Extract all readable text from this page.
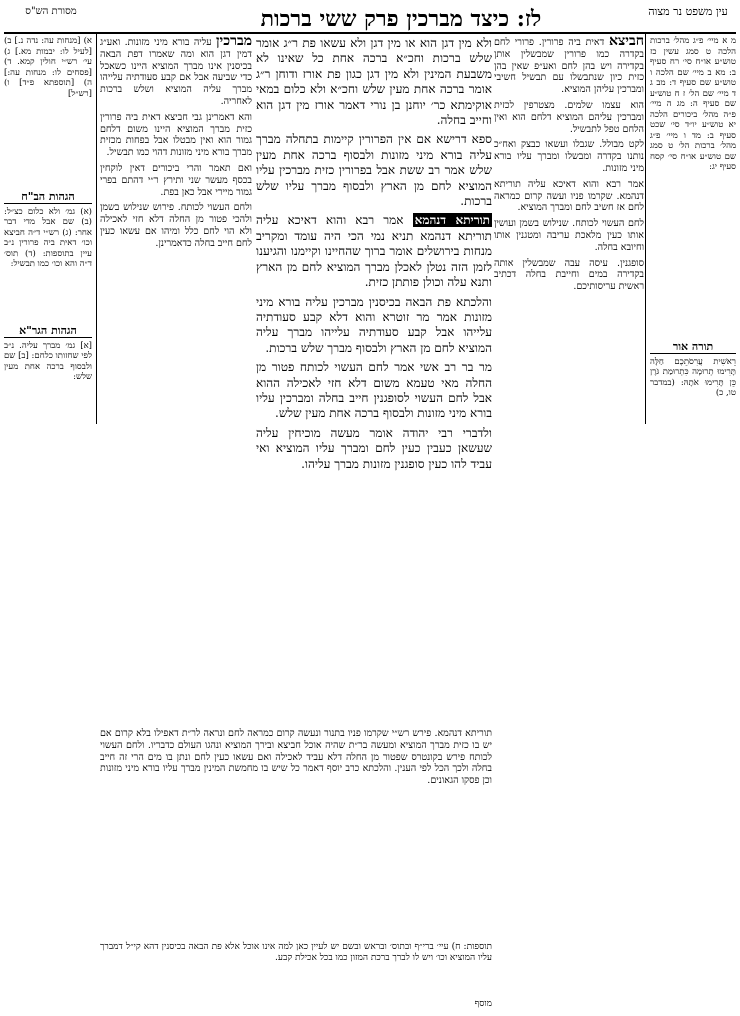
עין משפט נר מצוה
לז: כיצד מברכין פרק ששי ברכות
מסורת הש"ס

מ א מיי׳ פ״ג מהל׳ ברכות הלכה ט סמג עשין כז טוש״ע או״ח סי׳ רח סעיף ב: מא ב מיי׳ שם הלכה ו טוש״ע שם סעיף ד: מב ג ד מיי׳ שם הל׳ ז ח טוש״ע שם סעיף ה: מג ה מיי׳ פ״ה מהל׳ ביכורים הלכה יא טוש״ע יו״ד סי׳ שכט סעיף ב: מד ו מיי׳ פ״ג מהל׳ ברכות הל׳ ט סמג שם טוש״ע או״ח סי׳ קסח סעיף יג:

תורה אור

רֵאשִׁית עֲרִסֹתֵכֶם חַלָּה תָּרִימוּ תְרוּמָה כִּתְרוּמַת גֹּרֶן כֵּן תָּרִימוּ אֹתָהּ: (במדבר טו, כ)

חביצא דאית ביה פרורין. פרורי לחם בקדרה כמו פרורין שמבשלין אותן בקדירה ויש בהן לחם ואע״פ שאין בהן כזית כיון שנתבשלו עם תבשיל חשיבי ומברכין עליהן המוציא.

הוא עצמו שלמים. מצטרפין לכזית ומברכין עליהם המוציא דלחם הוא ואין הלחם טפל לתבשיל.

לקט מבולל. שגבלו ועשאו כבצק ואח״כ נותנו בקדרה ומבשלו ומברך עליו בורא מיני מזונות.

אמר רבא והוא דאיכא עליה תוריתא דנהמא. שקרמו פניו ועשה קרום כמראה לחם אז חשיב לחם ומברך המוציא.

לחם העשוי לכותח. שנילוש בשמן ועושין אותו כעין מלאכת עריבה ומטגנין אותו וחיובא בחלה.

סופגנין. עיסה עבה שמבשלין אותה בקדירה במים וחייבת בחלה דכתיב ראשית עריסותיכם.

ולא מין דגן הוא או מין דגן ולא עשאו פת ר״ג אומר שלש ברכות וחכ״א ברכה אחת כל שאינו לא משבעת המינין ולא מין דגן כגון פת אורז ודוחן ר״ג אומר ברכה אחת מעין שלש וחכ״א ולא כלום במאי אוקימתא כר׳ יוחנן בן נורי דאמר אורז מין דגן הוא וחייב בחלה.

ספא דרישא אם אין הפרורין קיימות בתחלה מברך עליה בורא מיני מזונות ולבסוף ברכה אחת מעין שלש אמר רב ששת אבל בפרורין כזית מברכין עליו המוציא לחם מן הארץ ולבסוף מברך עליו שלש ברכות.

תוריתא דנהמא אמר רבא והוא דאיכא עליה תוריתא דנהמא תניא נמי הכי היה עומד ומקריב מנחות בירושלים אומר ברוך שהחיינו וקיימנו והגיענו לזמן הזה נטלן לאכלן מברך המוציא לחם מן הארץ ותנא עלה וכולן פותתן כזית.

והלכתא פת הבאה בכיסנין מברכין עליה בורא מיני מזונות אמר מר זוטרא והוא דלא קבע סעודתיה עלייהו אבל קבע סעודתיה עלייהו מברך עליה המוציא לחם מן הארץ ולבסוף מברך שלש ברכות.

מר בר רב אשי אמר לחם העשוי לכותח פטור מן החלה מאי טעמא משום דלא חזי לאכילה ההוא אבל לחם העשוי לסופגנין חייב בחלה ומברכין עליו בורא מיני מזונות ולבסוף ברכה אחת מעין שלש.

ולדברי רבי יהודה אומר מעשה מוכיחין עליה שעשאן כעבין כעין לחם ומברך עליו המוציא ואי עביד להו כעין סופגנין מזונות מברך עליהו.

מברכין עליה בורא מיני מזונות. ואע״ג דמין דגן הוא ומה שאמרו דפת הבאה בכיסנין אינו מברך המוציא היינו כשאכל כדי שביעה אבל אם קבע סעודתיה עלייהו מברך עליה המוציא ושלש ברכות לאחריה.

והא דאמרינן גבי חביצא דאית ביה פרורין כזית מברך המוציא היינו משום דלחם גמור הוא ואין מבטלו אבל בפחות מכזית מברך בורא מיני מזונות דהוי כמו תבשיל.

ואם תאמר והרי ביכורים דאין לוקחין בכסף מעשר שני ותירץ ר״י דהתם בפרי גמור מיירי אבל כאן בפת.

ולחם העשוי לכותח. פירוש שנילוש בשמן ולהכי פטור מן החלה דלא חזי לאכילה ולא הוי לחם כלל ומיהו אם עשאו כעין לחם חייב בחלה כדאמרינן.

תוריתא דנהמא. פירש רש״י שקרמו פניו בתנור ונעשה קרום כמראה לחם ונראה לר״ת דאפילו בלא קרום אם יש בו כזית מברך המוציא ומעשה בר״ת שהיה אוכל חביצא ובירך המוציא ונהגו העולם כדבריו. ולחם העשוי לכותח פירש בקונטרס שפטור מן החלה דלא עביד לאכילה ואם עשאו כעין לחם ונתן בו מים הרי זה חייב בחלה ולכך הכל לפי הענין. והלכתא כרב יוסף דאמר כל שיש בו מחמשת המינין מברך עליו בורא מיני מזונות וכן פסקו הגאונים.

א) [מנחות עה: נדה נ.] ב) [לעיל לו: יבמות מא.] ג) עי׳ רש״י חולין קמא. ד) [פסחים לו: מנחות עה:] ה) [תוספתא פ״ד] ו) [רש״ל]

הגהות הב"ח

(א) גמ׳ ולא כלום כצ״ל: (ב) שם אבל מדי דבר אחר: (ג) רש״י ד״ה חביצא וכו׳ דאית ביה פרורין נ״ב עיין בתוספות: (ד) תוס׳ ד״ה והא וכו׳ כמו תבשיל:

הגהות הגר"א

[א] גמ׳ מברך עליה. נ״ב לפי שחזותו כלחם: [ב] שם ולבסוף ברכה אחת מעין שלש:

תוספות: ח) עיי׳ ברי״ף ובתוס׳ ובראש ובשם יש לעיין כאן למה אינו אוכל אלא פת הבאה בכיסנין דהא קי״ל דמברך עליו המוציא וכו׳ ויש לו לברך ברכת המזון כמו בכל אכילת קבע.
מוסף
